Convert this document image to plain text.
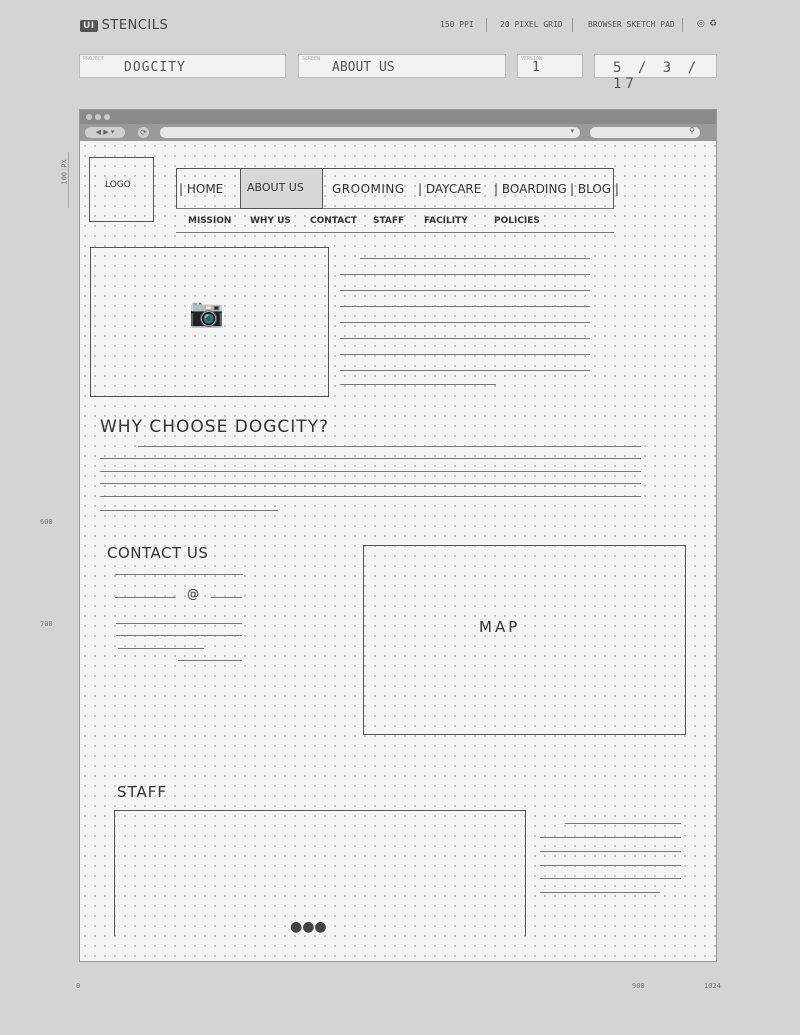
UI STENCILS	150 PPI	20 PIXEL GRID	BROWSER SKETCH PAD ◎ ♻
PROJECT
DOGCITY
SCREEN
ABOUT US
VERSION
1	5 / 3 / 17
100 PX
600
700
0	900	1024
◀ ▶ ▾	⟳	▾	⚲
LOGO	| HOME ABOUT US GROOMING | DAYCARE | BOARDING | BLOG |
MISSION WHY US CONTACT STAFF FACILITY	POLICIES
📷
WHY CHOOSE DOGCITY?
CONTACT US
@
MAP
STAFF
●●●
